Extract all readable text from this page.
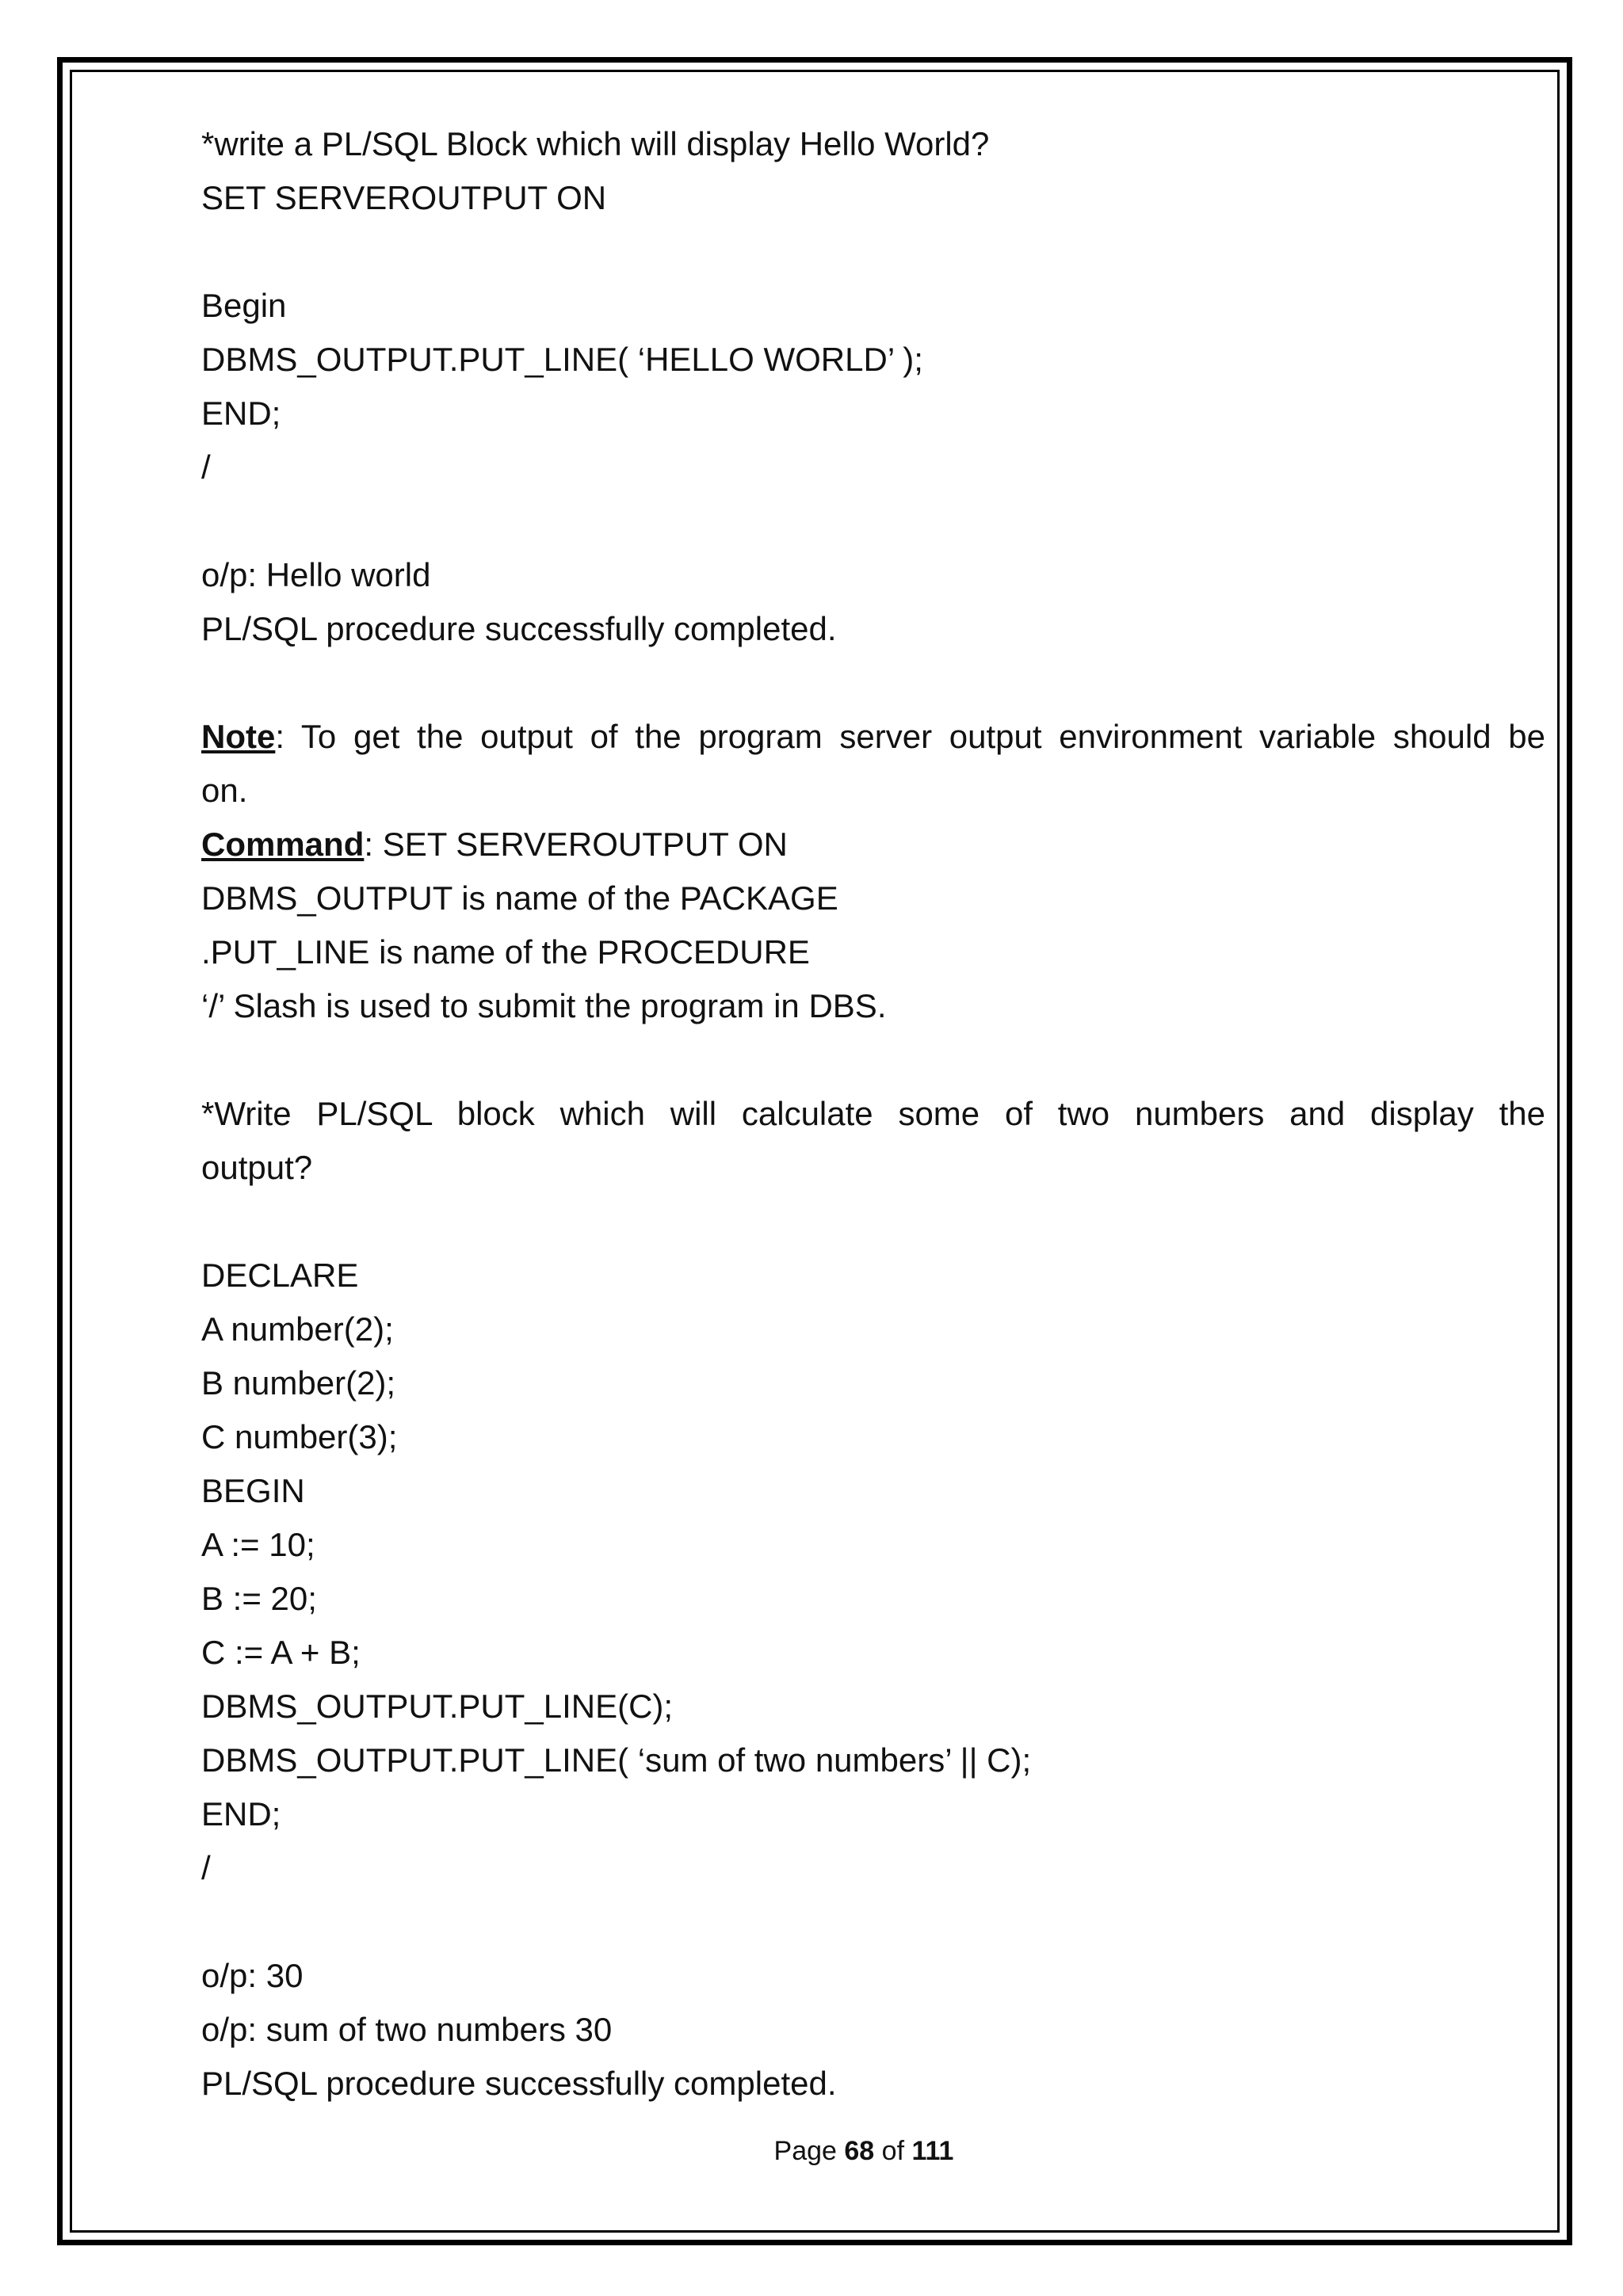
*write a PL/SQL Block which will display Hello World?
SET SERVEROUTPUT ON
Begin
DBMS_OUTPUT.PUT_LINE( ‘HELLO WORLD’ );
END;
/
o/p: Hello world
PL/SQL procedure successfully completed.
Note: To get the output of the program server output environment variable should be
on.
Command: SET SERVEROUTPUT ON
DBMS_OUTPUT is name of the PACKAGE
.PUT_LINE is name of the PROCEDURE
‘/’ Slash is used to submit the program in DBS.
*Write PL/SQL block which will calculate some of two numbers and display the
output?
DECLARE
A number(2);
B number(2);
C number(3);
BEGIN
A := 10;
B := 20;
C := A + B;
DBMS_OUTPUT.PUT_LINE(C);
DBMS_OUTPUT.PUT_LINE( ‘sum of two numbers’ || C);
END;
/
o/p: 30
o/p: sum of two numbers 30
PL/SQL procedure successfully completed.
Page 68 of 111
